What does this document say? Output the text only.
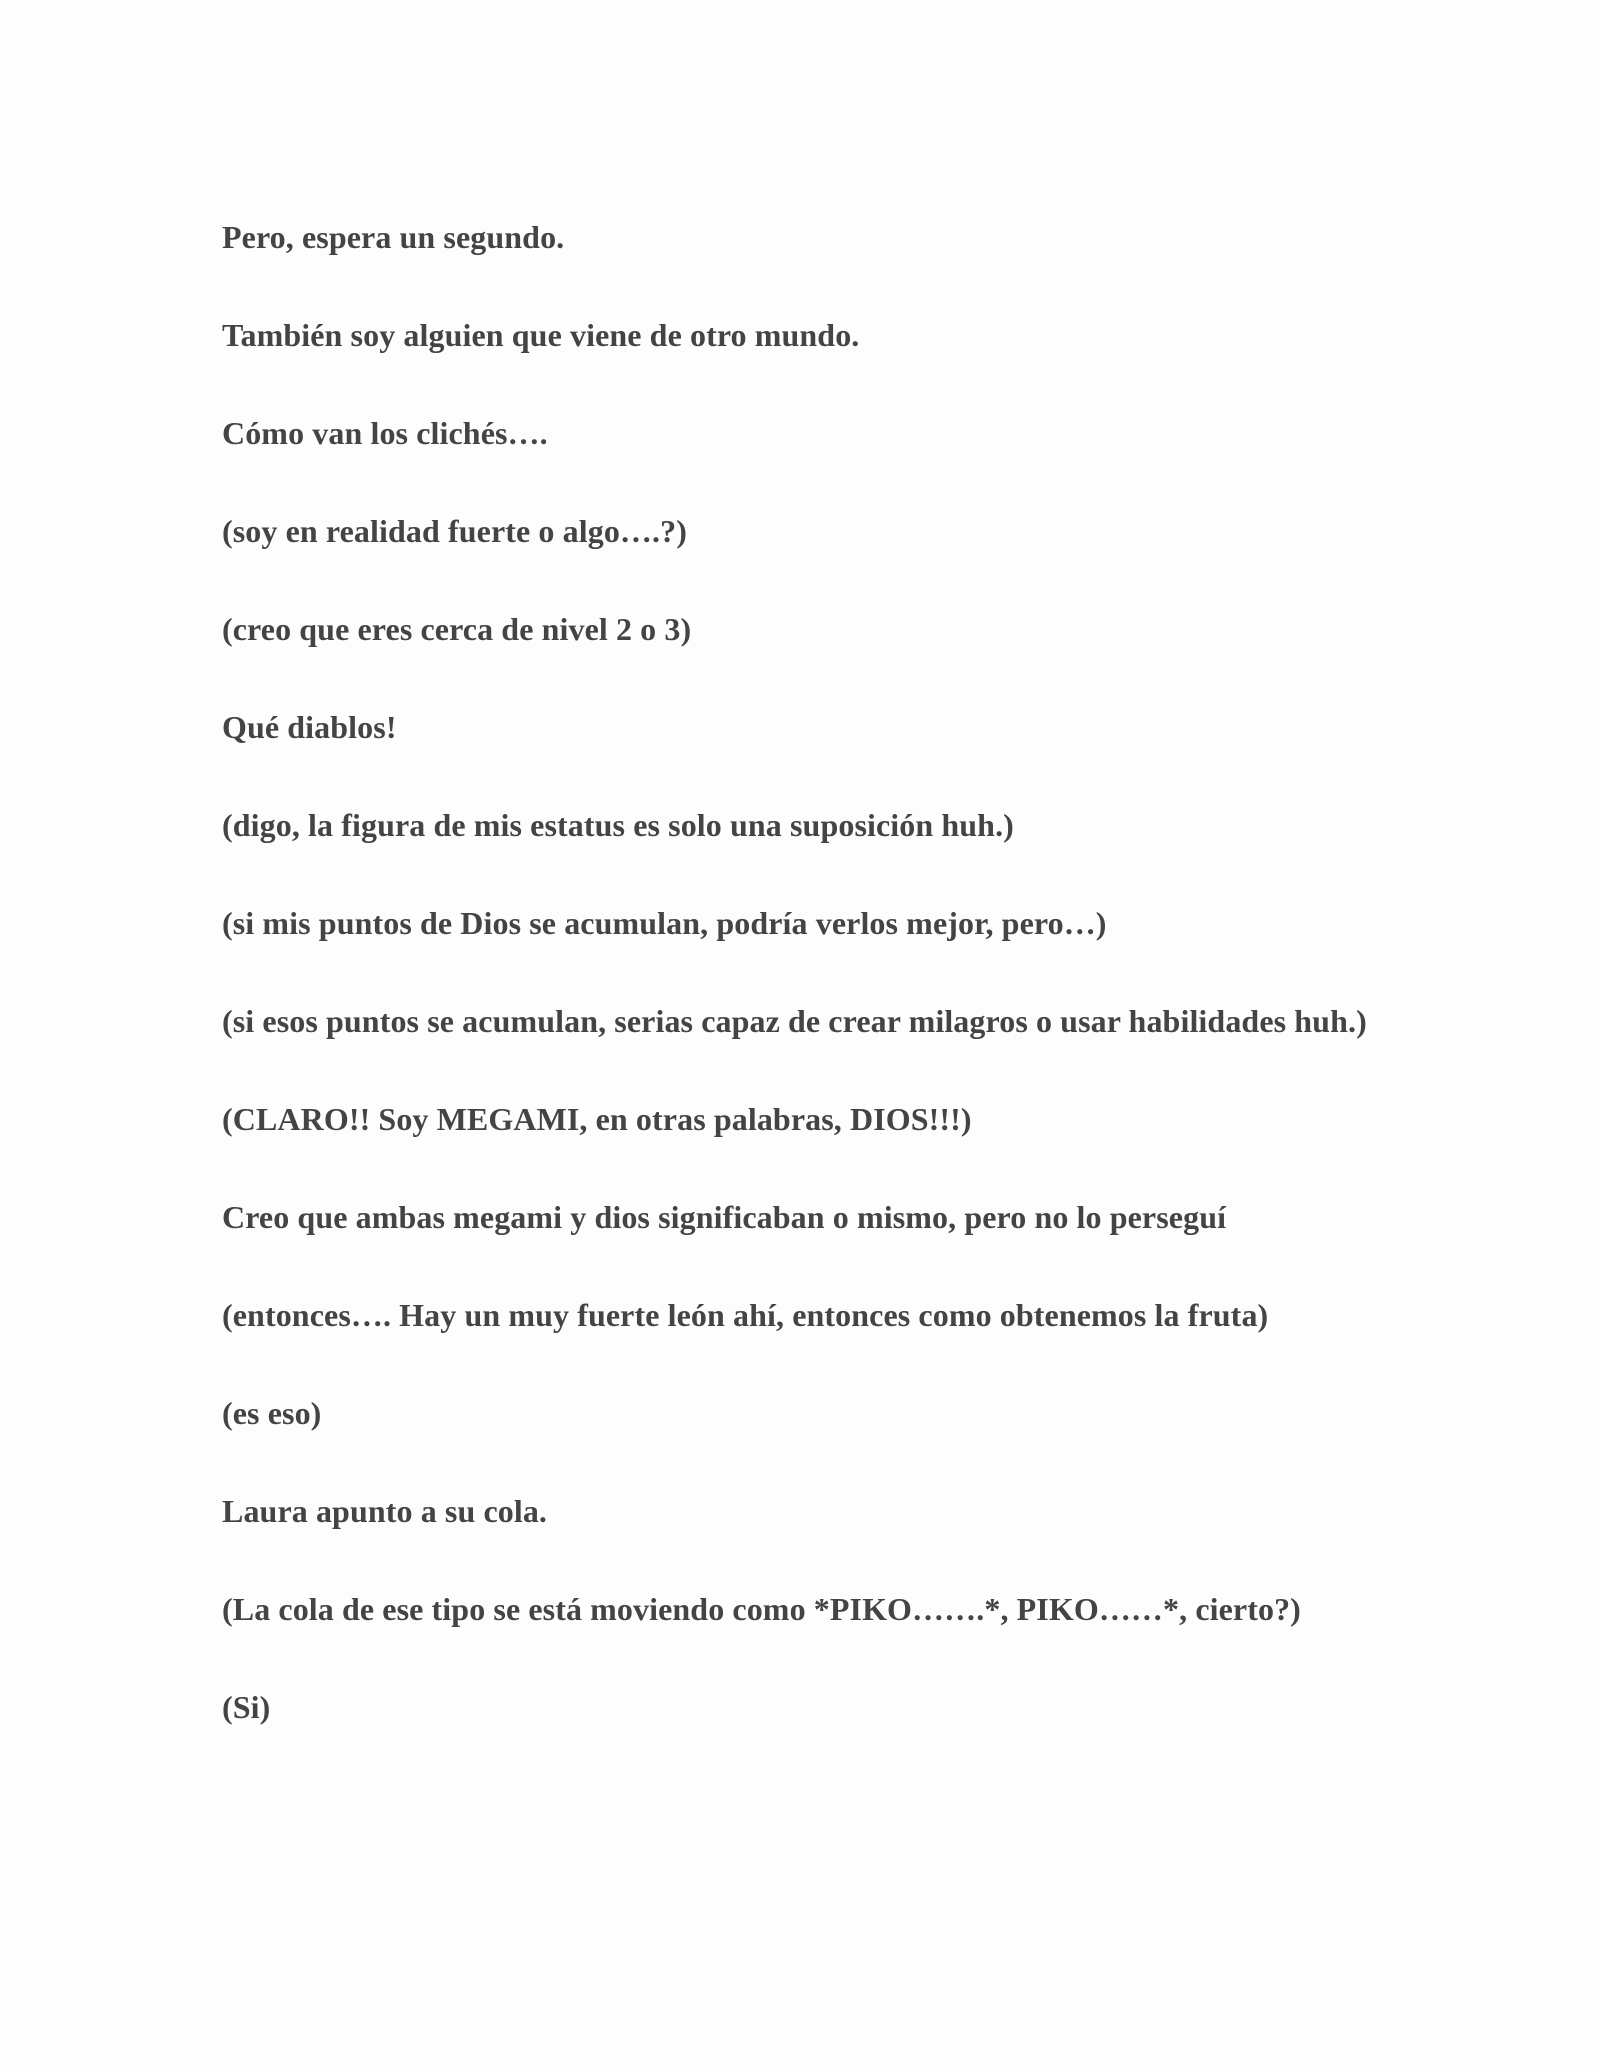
Pero, espera un segundo.

También soy alguien que viene de otro mundo.

Cómo van los clichés….

(soy en realidad fuerte o algo….?)

(creo que eres cerca de nivel 2 o 3)

Qué diablos!

(digo, la figura de mis estatus es solo una suposición huh.)

(si mis puntos de Dios se acumulan, podría verlos mejor, pero…)

(si esos puntos se acumulan, serias capaz de crear milagros o usar habilidades huh.)

(CLARO!! Soy MEGAMI, en otras palabras, DIOS!!!)

Creo que ambas megami y dios significaban o mismo, pero no lo perseguí

(entonces…. Hay un muy fuerte león ahí, entonces como obtenemos la fruta)

(es eso)

Laura apunto a su cola.

(La cola de ese tipo se está moviendo como *PIKO…….*, PIKO……*, cierto?)

(Si)
